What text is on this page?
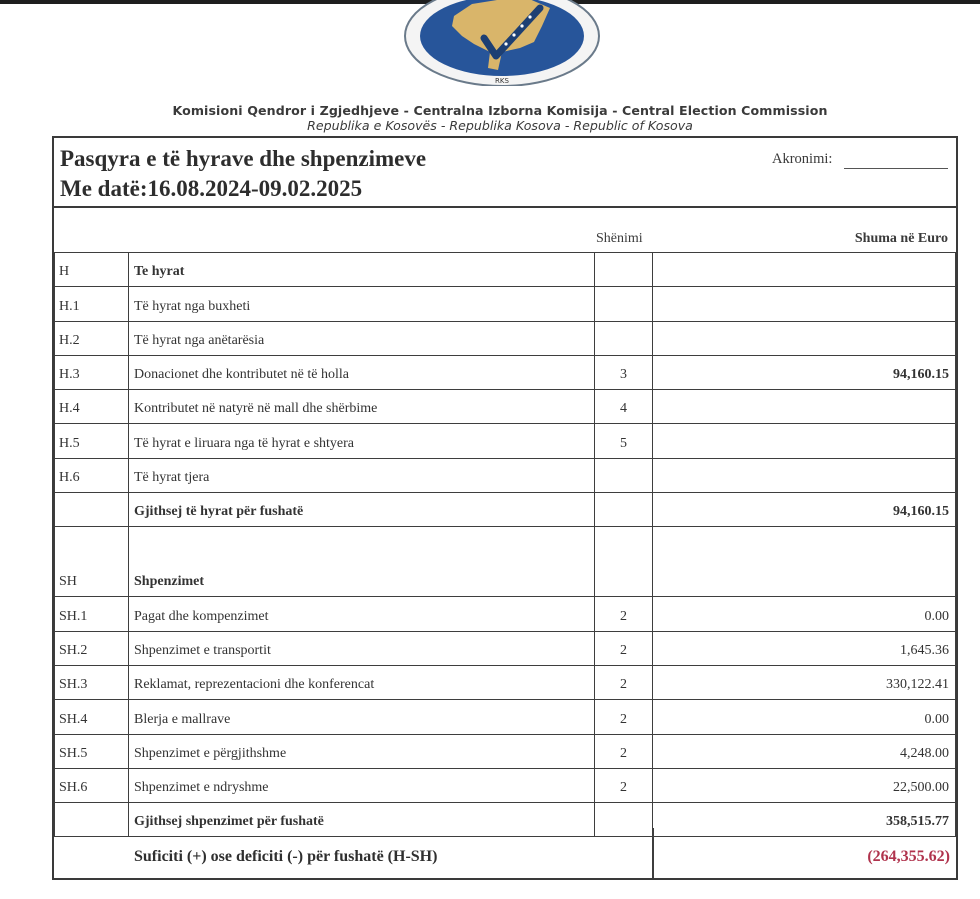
RKS
Komisioni Qendror i Zgjedhjeve - Centralna Izborna Komisija - Central Election Commission
Republika e Kosovës - Republika Kosova - Republic of Kosova
Pasqyra e të hyrave dhe shpenzimeve
Me datë:16.08.2024-09.02.2025
Akronimi:
Shënimi	Shuma në Euro
H	Te hyrat		
H.1	Të hyrat nga buxheti		
H.2	Të hyrat nga anëtarësia		
H.3	Donacionet dhe kontributet në të holla	3	94,160.15
H.4	Kontributet në natyrë në mall dhe shërbime	4	
H.5	Të hyrat e liruara nga të hyrat e shtyera	5	
H.6	Të hyrat tjera		
	Gjithsej të hyrat për fushatë		94,160.15
SH	Shpenzimet		
SH.1	Pagat dhe kompenzimet	2	0.00
SH.2	Shpenzimet e transportit	2	1,645.36
SH.3	Reklamat, reprezentacioni dhe konferencat	2	330,122.41
SH.4	Blerja e mallrave	2	0.00
SH.5	Shpenzimet e përgjithshme	2	4,248.00
SH.6	Shpenzimet e ndryshme	2	22,500.00
	Gjithsej shpenzimet për fushatë		358,515.77
Suficiti (+) ose deficiti (-) për fushatë (H-SH)	(264,355.62)
